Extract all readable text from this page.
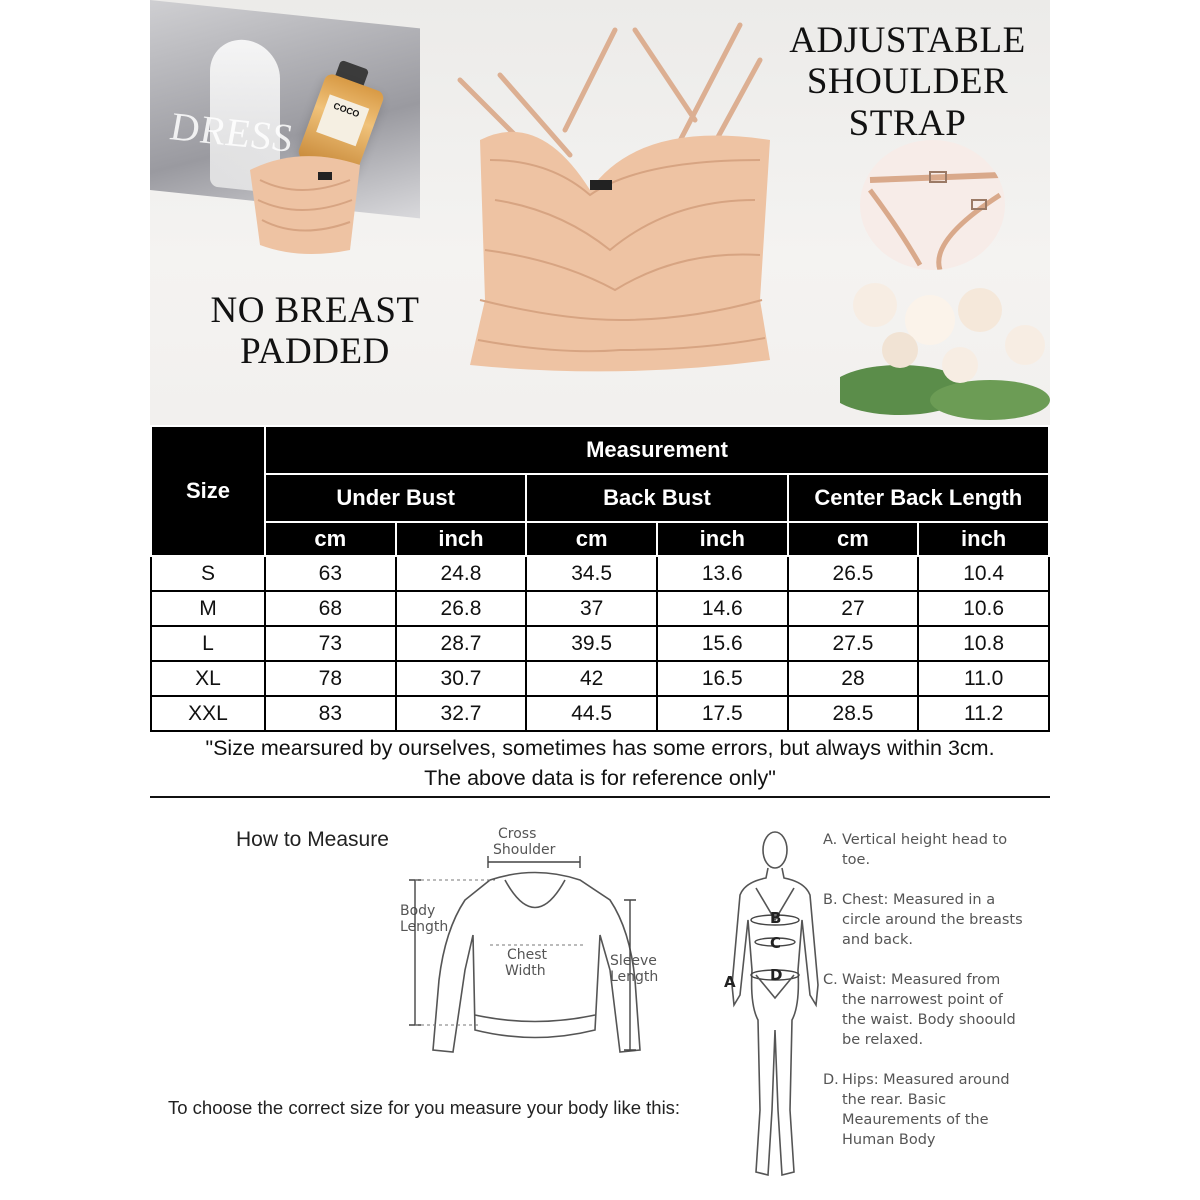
DRESS	COCO
ADJUSTABLE
SHOULDER
STRAP
NO BREAST
PADDED
Size	Measurement					
	Under Bust		Back Bust		Center Back Length	
	cm	inch	cm	inch	cm	inch
S	63	24.8	34.5	13.6	26.5	10.4
M	68	26.8	37	14.6	27	10.6
L	73	28.7	39.5	15.6	27.5	10.8
XL	78	30.7	42	16.5	28	11.0
XXL	83	32.7	44.5	17.5	28.5	11.2
"Size mearsured by ourselves, sometimes has some errors, but always within 3cm.
The above data is for reference only"
How to Measure	Cross
Shoulder
Body
Length
Chest
Width
Sleeve
Length
To choose the correct size for you measure your body like this:
B
C
D
A
A. Vertical height head to toe.
B. Chest: Measured in a circle around the breasts and back.
C. Waist: Measured from the narrowest point of the waist. Body shoould be relaxed.
D. Hips: Measured around the rear. Basic Meaurements of the Human Body
